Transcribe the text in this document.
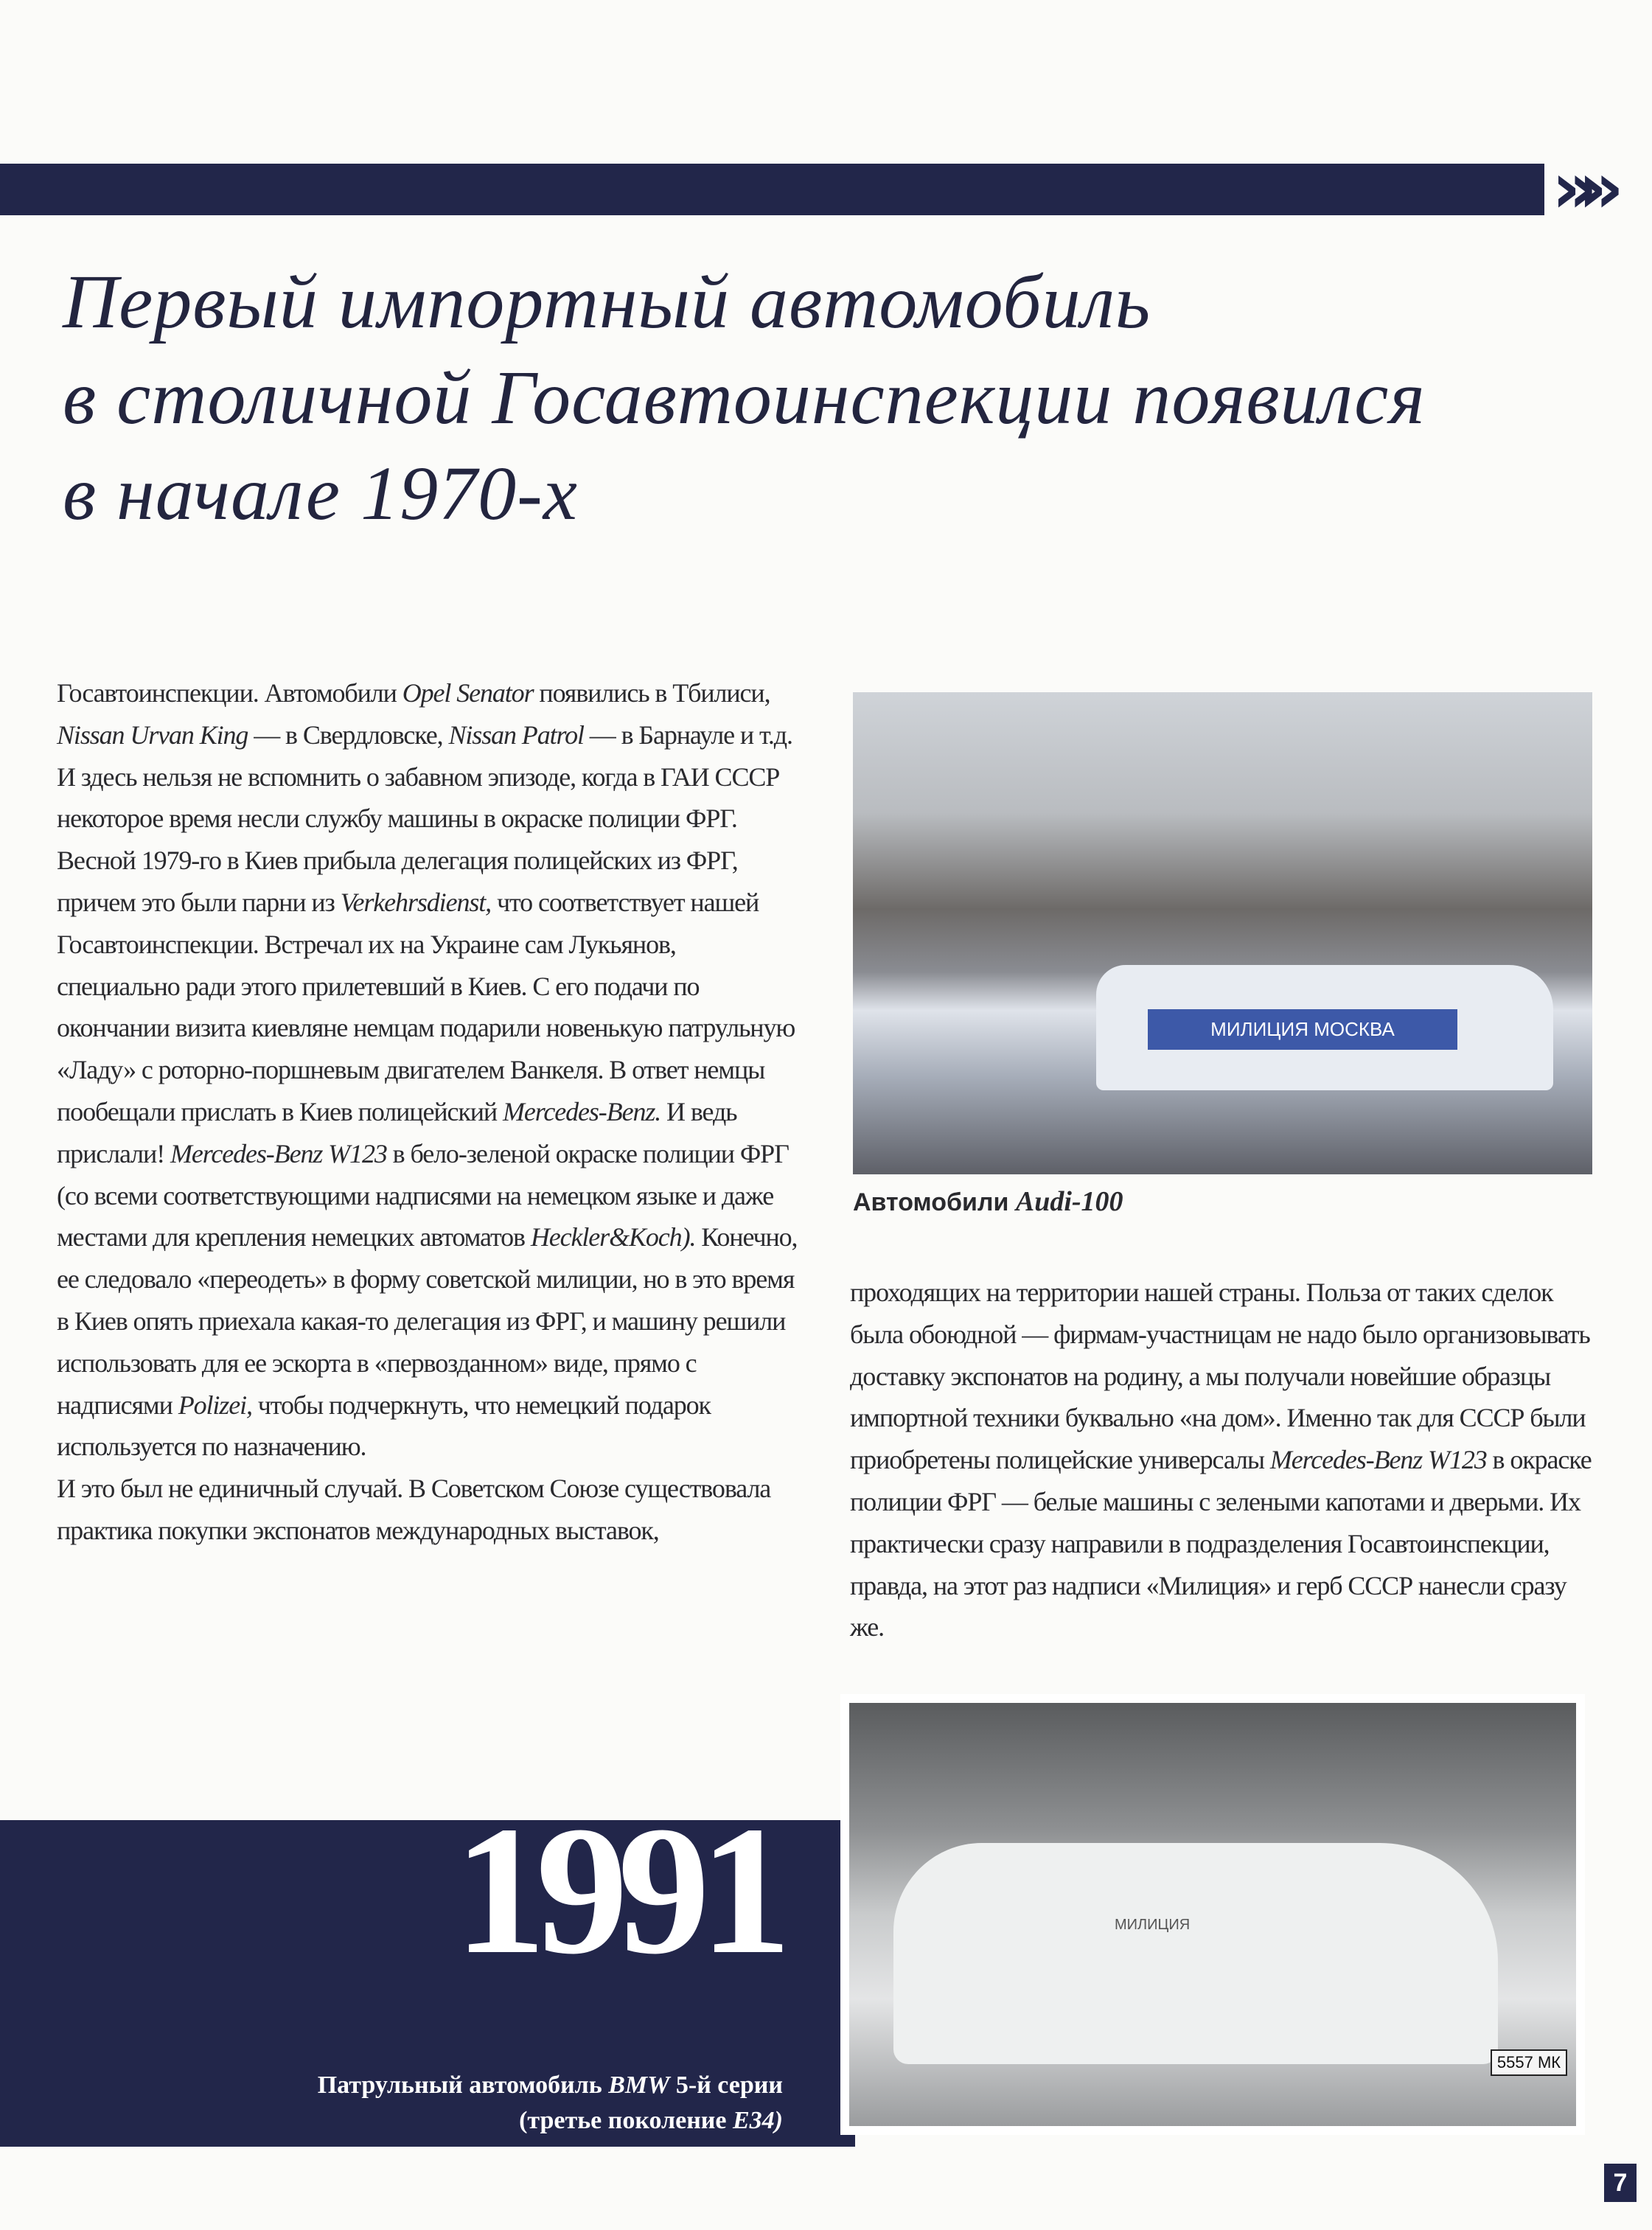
»»
Первый импортный автомобиль
в столичной Госавтоинспекции появился
в начале 1970-х

Госавтоинспекции. Автомобили Opel Senator появились в Тбилиси, Nissan Urvan King — в Свердловске, Nissan Patrol — в Барнауле и т.д.

И здесь нельзя не вспомнить о забавном эпизоде, когда в ГАИ СССР некоторое время несли службу машины в окраске полиции ФРГ. Весной 1979-го в Киев прибыла делегация полицейских из ФРГ, причем это были парни из Verkehrsdienst, что соответствует нашей Госавтоинспекции. Встречал их на Украине сам Лукьянов, специально ради этого прилетевший в Киев. С его подачи по окончании визита киевляне немцам подарили новенькую патрульную «Ладу» с роторно-поршневым двигателем Ванкеля. В ответ немцы пообещали прислать в Киев полицейский Mercedes-Benz. И ведь прислали! Mercedes-Benz W123 в бело-зеленой окраске полиции ФРГ (со всеми соответствующими надписями на немецком языке и даже местами для крепления немецких автоматов Heckler&Koch). Конечно, ее следовало «переодеть» в форму советской милиции, но в это время в Киев опять приехала какая-то делегация из ФРГ, и машину решили использовать для ее эскорта в «первозданном» виде, прямо с надписями Polizei, чтобы подчеркнуть, что немецкий подарок используется по назначению.

И это был не единичный случай. В Советском Союзе существовала практика покупки экспонатов международных выставок,

МИЛИЦИЯ МОСКВА
Автомобили Audi-100

проходящих на территории нашей страны. Польза от таких сделок была обоюдной — фирмам-участницам не надо было организовывать доставку экспонатов на родину, а мы получали новейшие образцы импортной техники буквально «на дом». Именно так для СССР были приобретены полицейские универсалы Mercedes-Benz W123 в окраске полиции ФРГ — белые машины с зелеными капотами и дверьми. Их практически сразу направили в подразделения Госавтоинспекции, правда, на этот раз надписи «Милиция» и герб СССР нанесли сразу же.

1991
Патрульный автомобиль BMW 5-й серии
(третье поколение E34)
МИЛИЦИЯ
5557 МК
7
